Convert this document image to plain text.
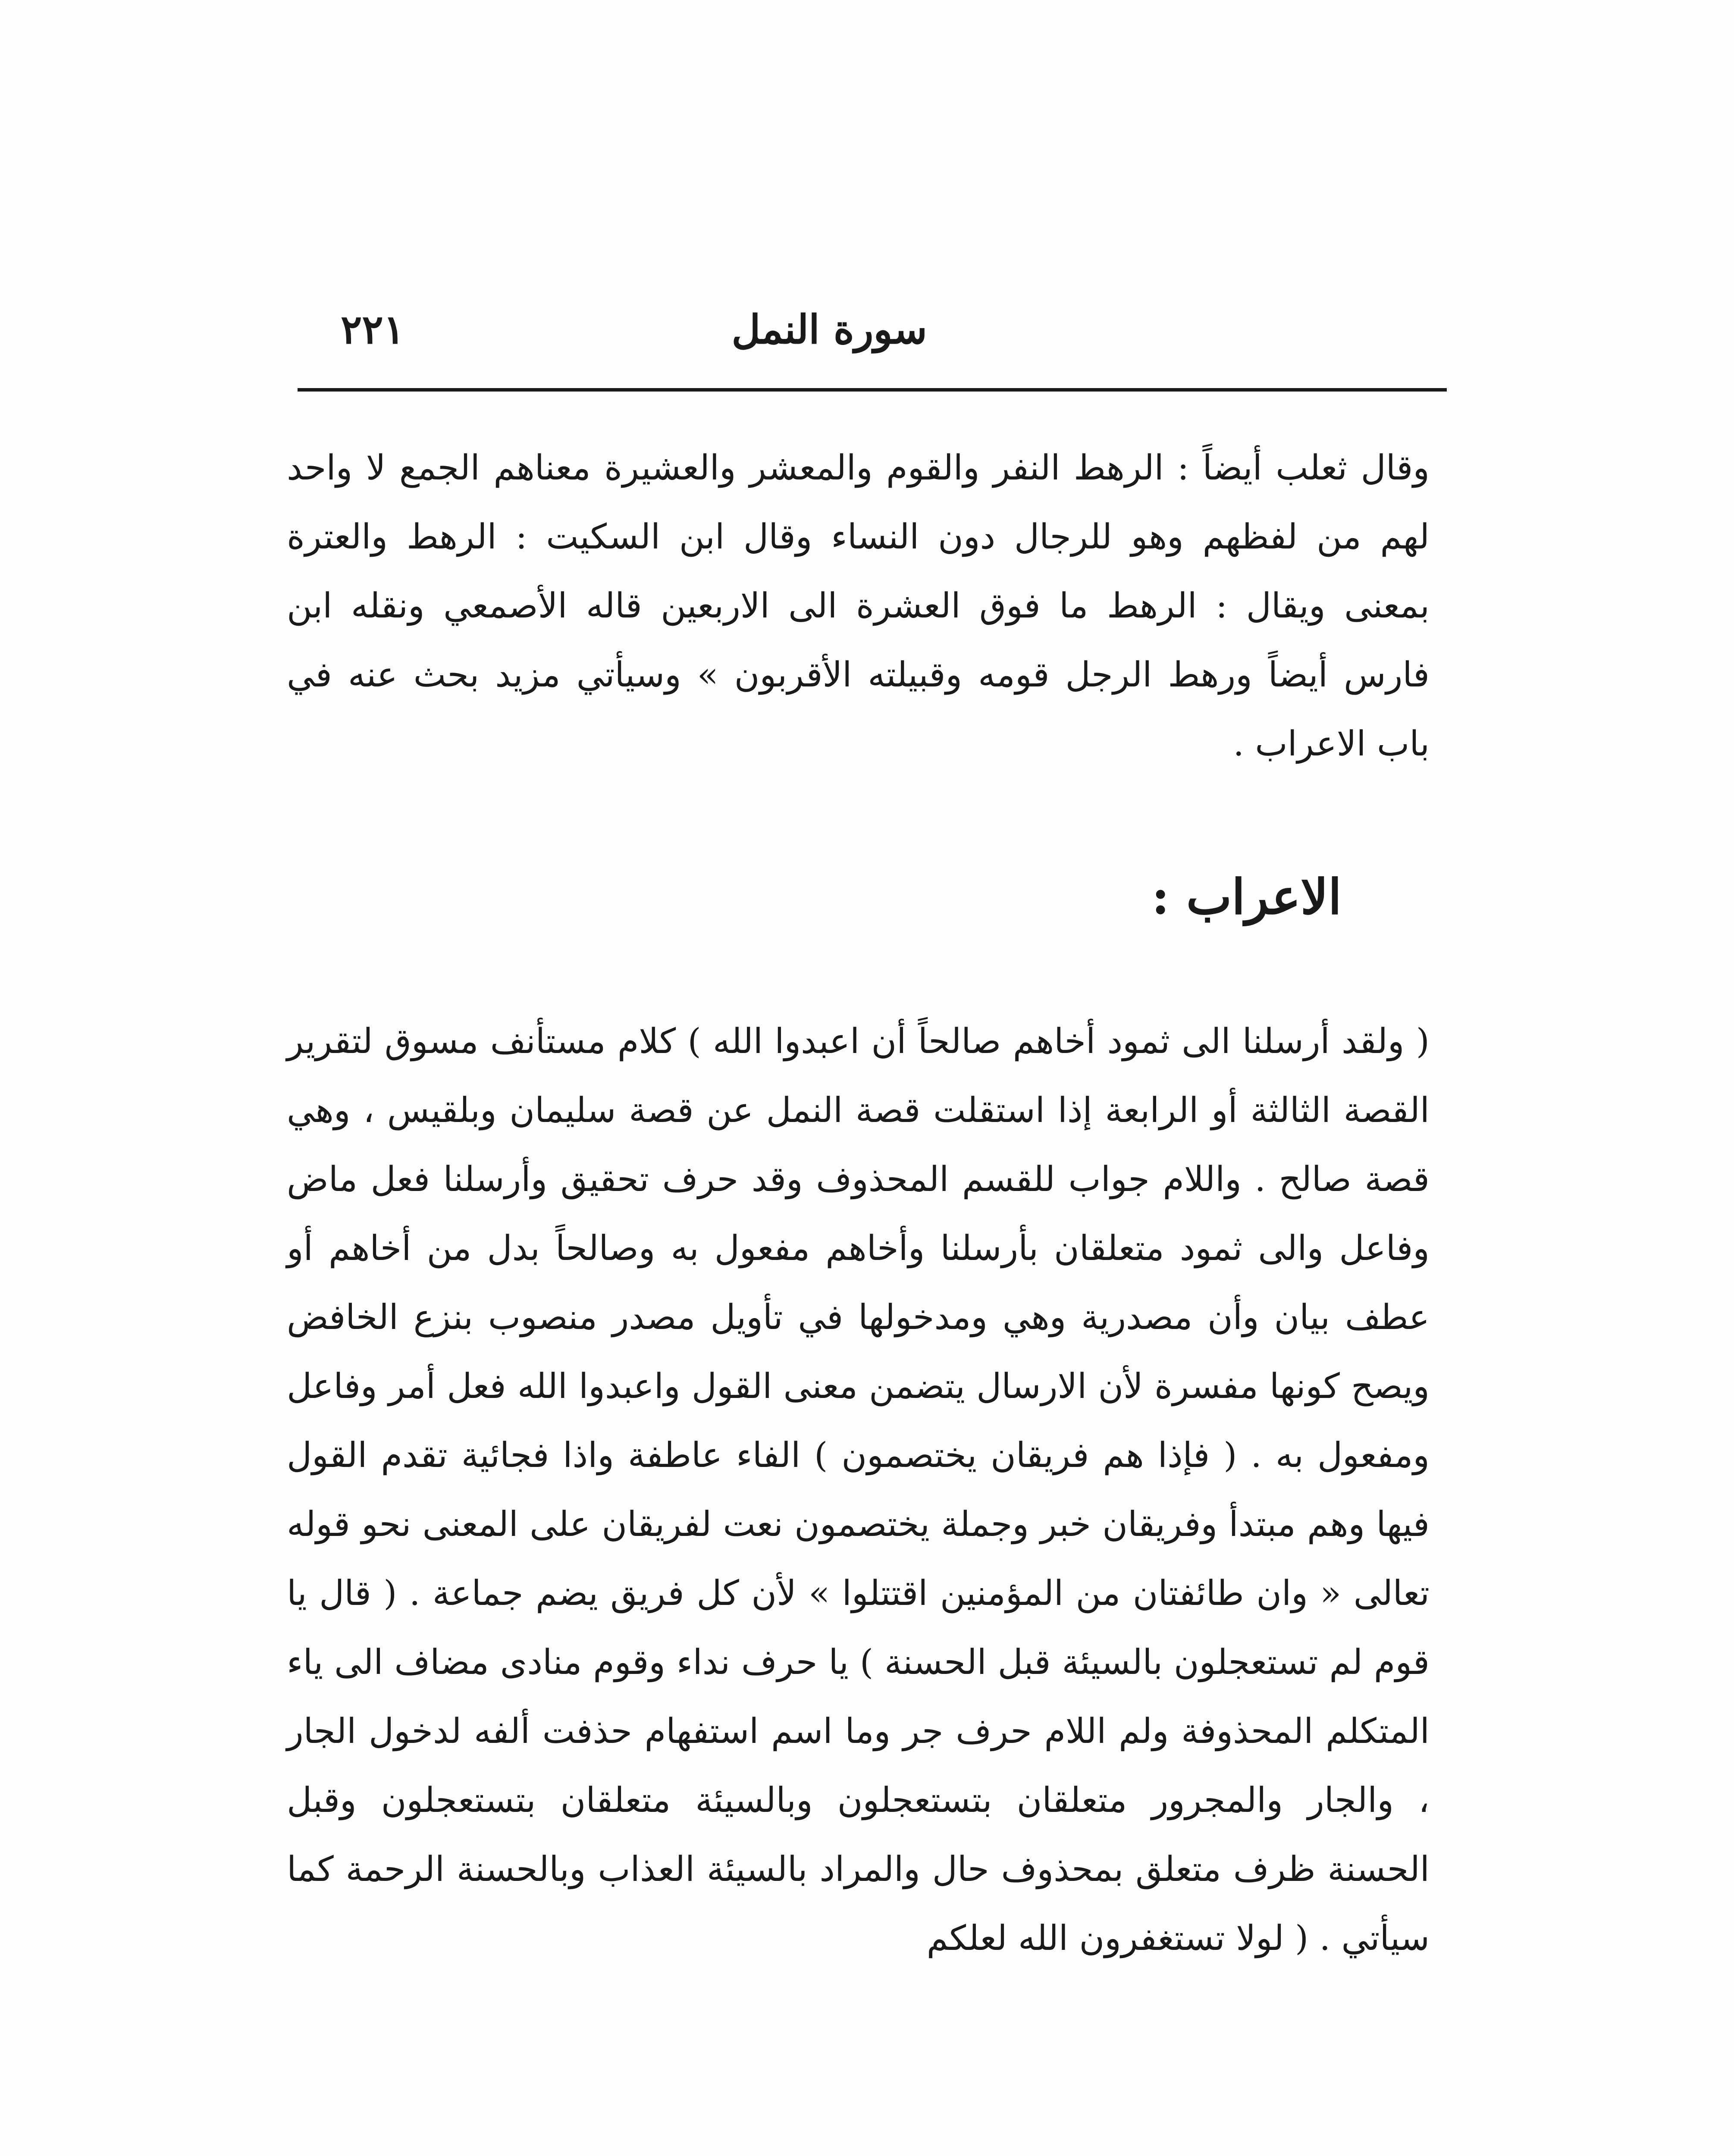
سورة النمل
٢٢١

وقال ثعلب أيضاً : الرهط النفر والقوم والمعشر والعشيرة معناهم الجمع لا واحد لهم من لفظهم وهو للرجال دون النساء وقال ابن السكيت : الرهط والعترة بمعنى ويقال : الرهط ما فوق العشرة الى الاربعين قاله الأصمعي ونقله ابن فارس أيضاً ورهط الرجل قومه وقبيلته الأقربون » وسيأتي مزيد بحث عنه في باب الاعراب .

الاعراب :

( ولقد أرسلنا الى ثمود أخاهم صالحاً أن اعبدوا الله ) كلام مستأنف مسوق لتقرير القصة الثالثة أو الرابعة إذا استقلت قصة النمل عن قصة سليمان وبلقيس ، وهي قصة صالح . واللام جواب للقسم المحذوف وقد حرف تحقيق وأرسلنا فعل ماض وفاعل والى ثمود متعلقان بأرسلنا وأخاهم مفعول به وصالحاً بدل من أخاهم أو عطف بيان وأن مصدرية وهي ومدخولها في تأويل مصدر منصوب بنزع الخافض ويصح كونها مفسرة لأن الارسال يتضمن معنى القول واعبدوا الله فعل أمر وفاعل ومفعول به . ( فإذا هم فريقان يختصمون ) الفاء عاطفة واذا فجائية تقدم القول فيها وهم مبتدأ وفريقان خبر وجملة يختصمون نعت لفريقان على المعنى نحو قوله تعالى « وان طائفتان من المؤمنين اقتتلوا » لأن كل فريق يضم جماعة . ( قال يا قوم لم تستعجلون بالسيئة قبل الحسنة ) يا حرف نداء وقوم منادى مضاف الى ياء المتكلم المحذوفة ولم اللام حرف جر وما اسم استفهام حذفت ألفه لدخول الجار ، والجار والمجرور متعلقان بتستعجلون وبالسيئة متعلقان بتستعجلون وقبل الحسنة ظرف متعلق بمحذوف حال والمراد بالسيئة العذاب وبالحسنة الرحمة كما سيأتي . ( لولا تستغفرون الله لعلكم
